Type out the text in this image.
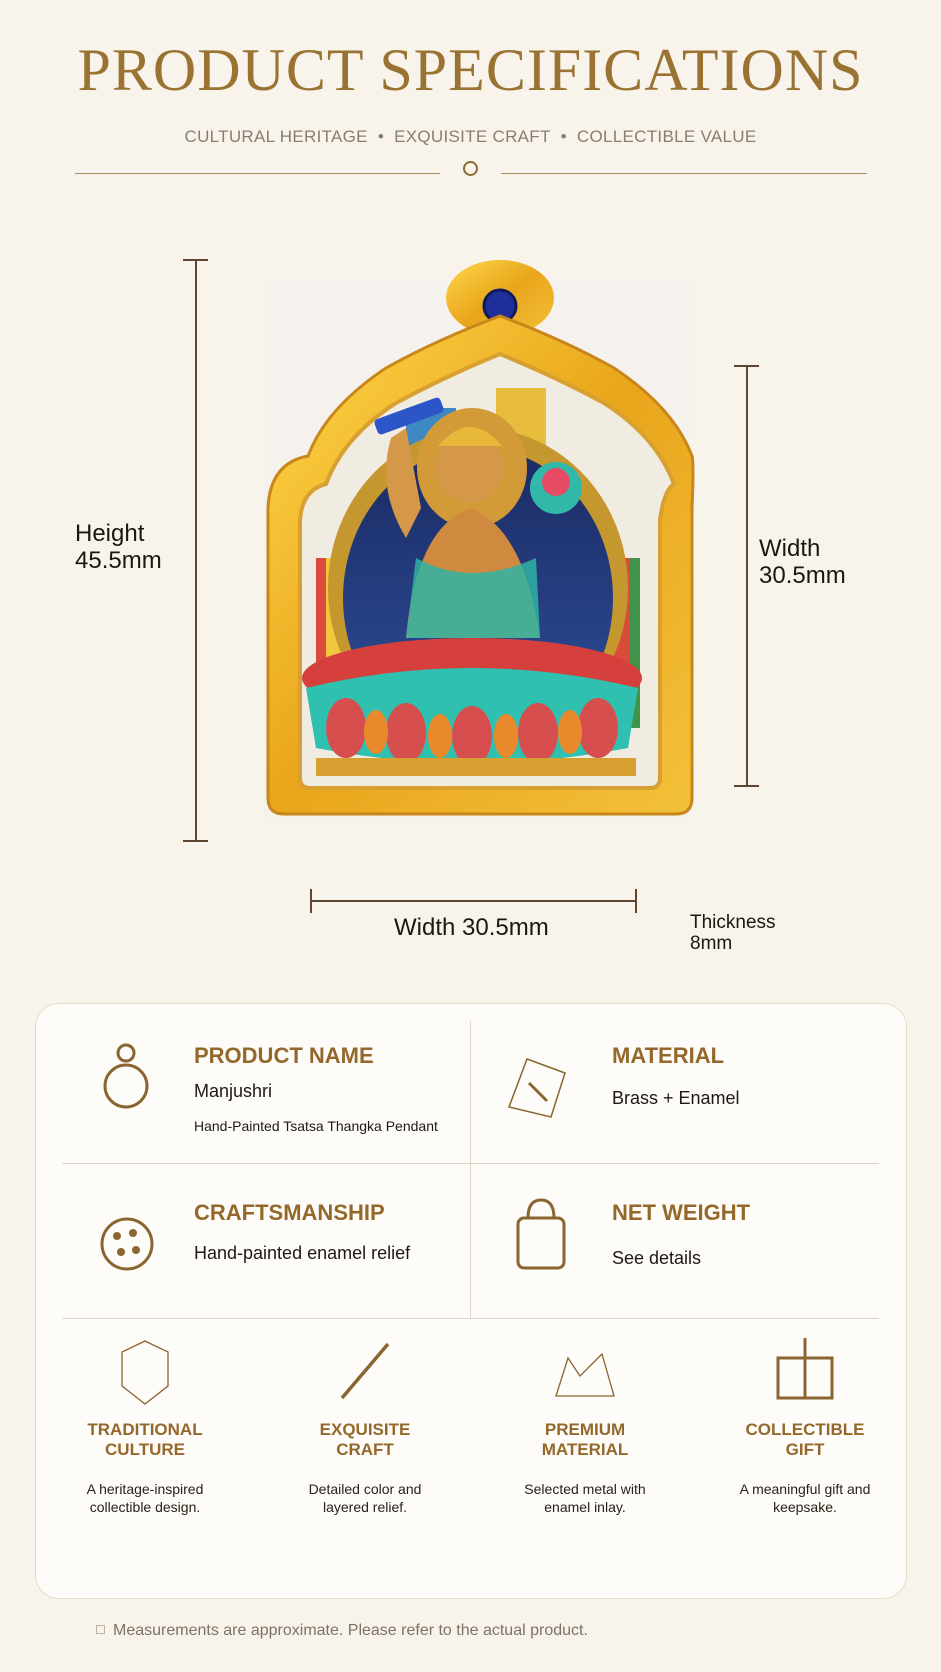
PRODUCT SPECIFICATIONS
CULTURAL HERITAGE • EXQUISITE CRAFT • COLLECTIBLE VALUE
Height
45.5mm	Width
30.5mm
Width 30.5mm	Thickness
8mm
PRODUCT NAME
Manjushri
Hand-Painted Tsatsa Thangka Pendant
MATERIAL
Brass + Enamel
CRAFTSMANSHIP
Hand-painted enamel relief
NET WEIGHT
See details
TRADITIONAL
CULTURE
A heritage-inspired
collectible design.
EXQUISITE
CRAFT
Detailed color and
layered relief.
PREMIUM
MATERIAL
Selected metal with
enamel inlay.
COLLECTIBLE
GIFT
A meaningful gift and
keepsake.
Measurements are approximate. Please refer to the actual product.
